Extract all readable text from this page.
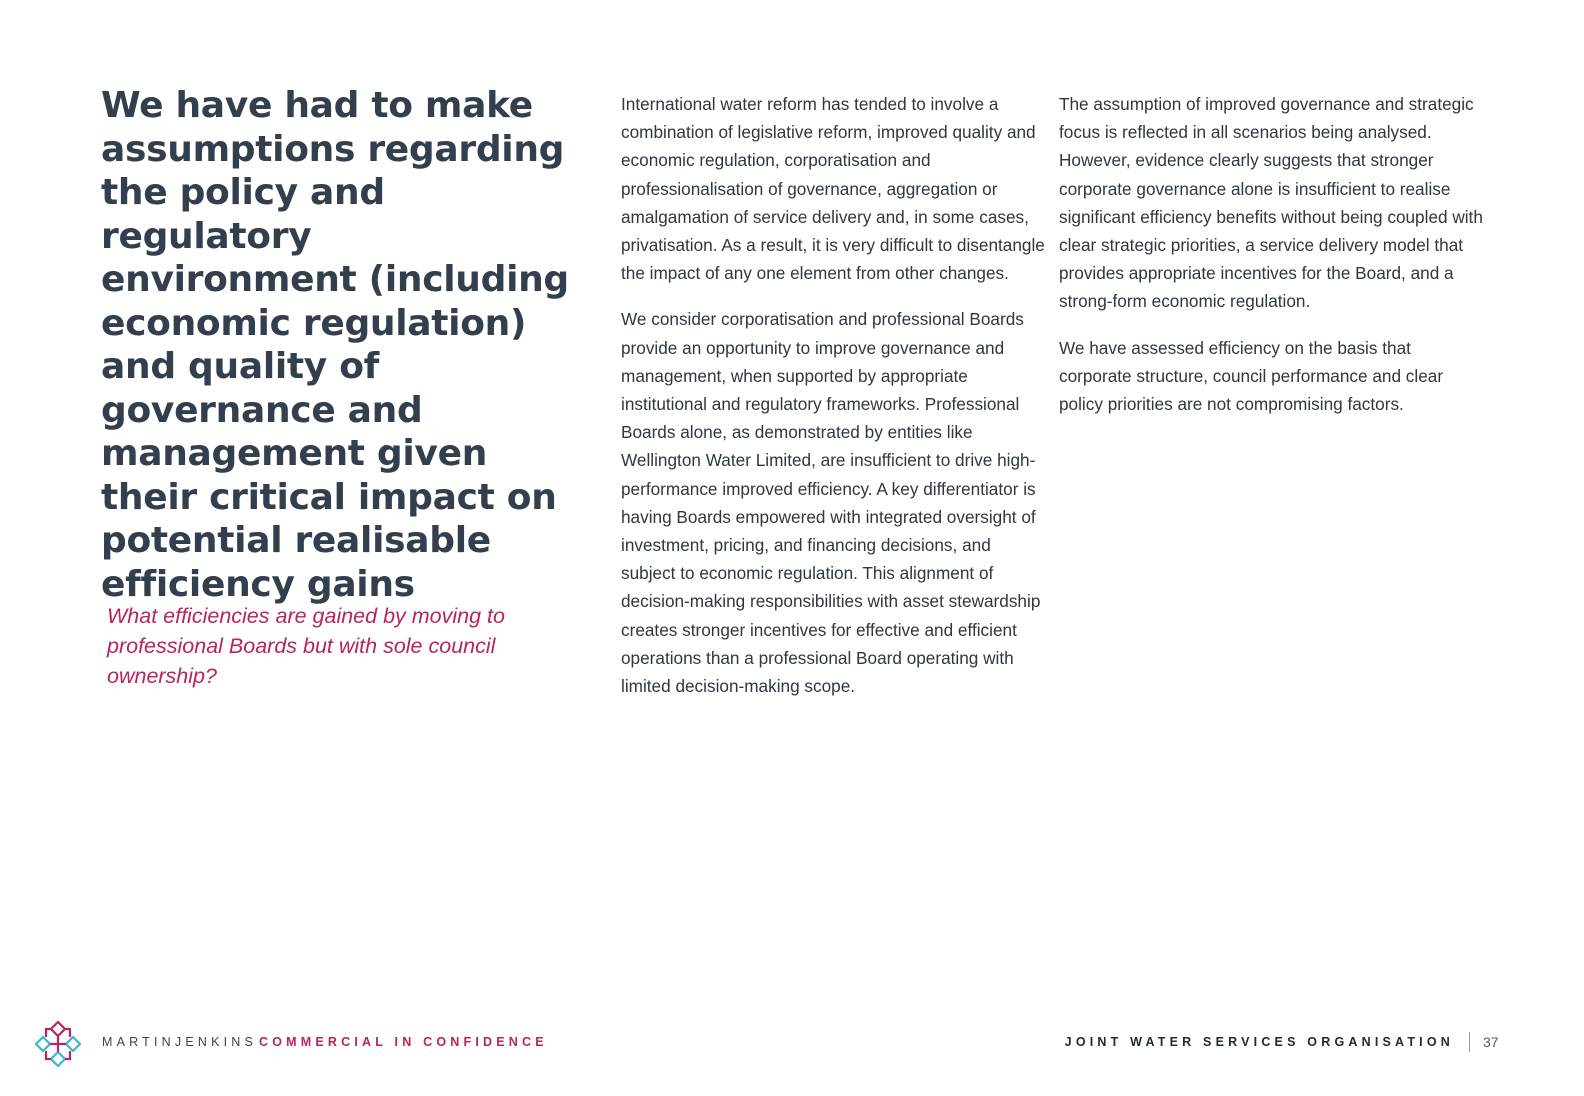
We have had to make assumptions regarding the policy and regulatory environment (including economic regulation) and quality of governance and management given their critical impact on potential realisable efficiency gains

What efficiencies are gained by moving to professional Boards but with sole council ownership?

International water reform has tended to involve a combination of legislative reform, improved quality and economic regulation, corporatisation and professionalisation of governance, aggregation or amalgamation of service delivery and, in some cases, privatisation. As a result, it is very difficult to disentangle the impact of any one element from other changes.

We consider corporatisation and professional Boards provide an opportunity to improve governance and management, when supported by appropriate institutional and regulatory frameworks. Professional Boards alone, as demonstrated by entities like Wellington Water Limited, are insufficient to drive high-performance improved efficiency. A key differentiator is having Boards empowered with integrated oversight of investment, pricing, and financing decisions, and subject to economic regulation. This alignment of decision-making responsibilities with asset stewardship creates stronger incentives for effective and efficient operations than a professional Board operating with limited decision-making scope.

The assumption of improved governance and strategic focus is reflected in all scenarios being analysed. However, evidence clearly suggests that stronger corporate governance alone is insufficient to realise significant efficiency benefits without being coupled with clear strategic priorities, a service delivery model that provides appropriate incentives for the Board, and a strong-form economic regulation.

We have assessed efficiency on the basis that corporate structure, council performance and clear policy priorities are not compromising factors.

MARTINJENKINS COMMERCIAL IN CONFIDENCE	JOINT WATER SERVICES ORGANISATION 37
